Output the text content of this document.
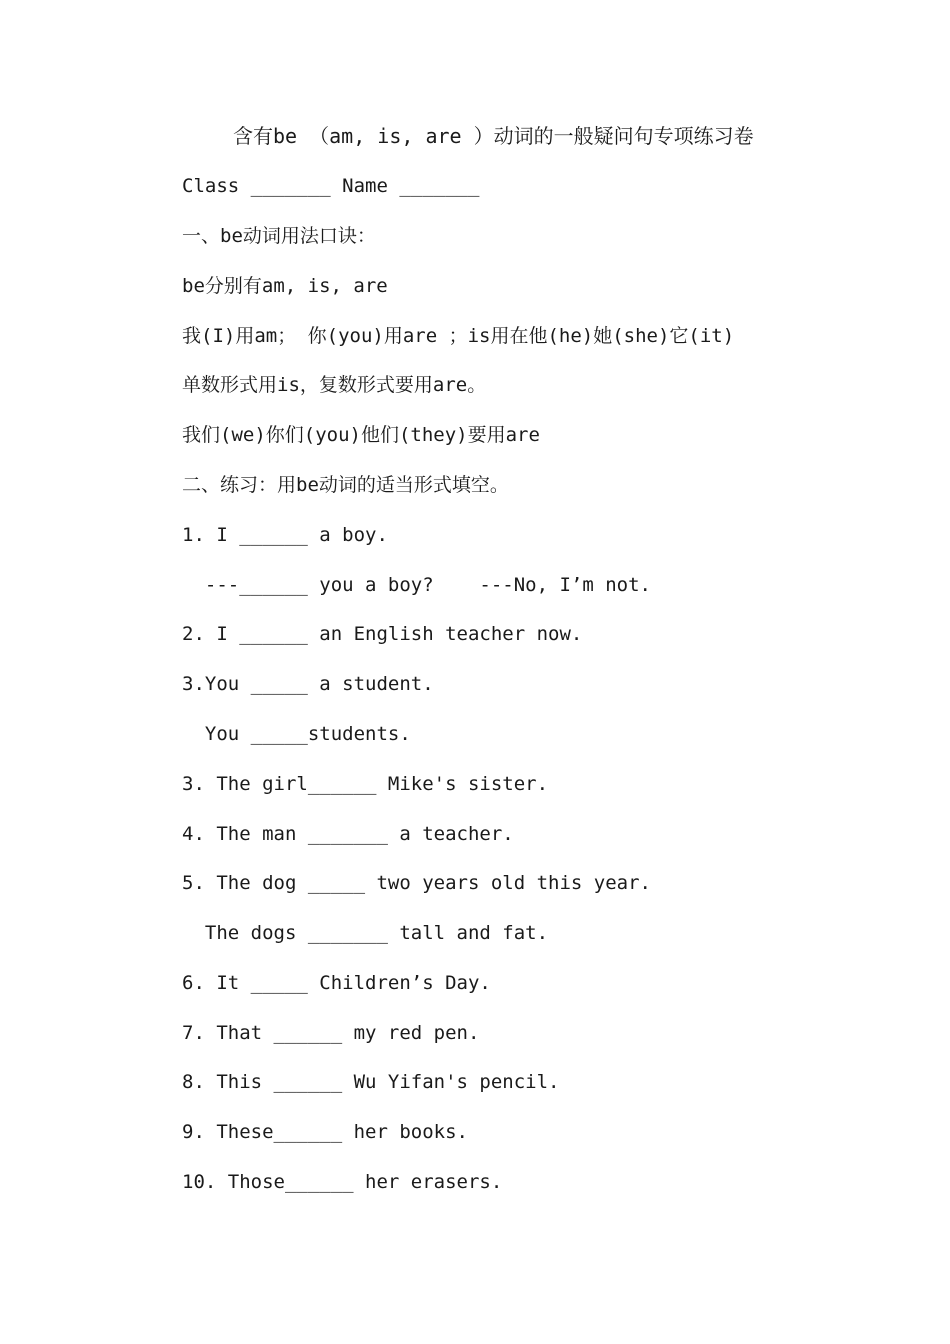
含有be （am, is, are ）动词的一般疑问句专项练习卷
Class _______ Name _______
一、be动词用法口诀：
be分别有am, is, are
我(I)用am； 你(you)用are ；is用在他(he)她(she)它(it)
单数形式用is，复数形式要用are。
我们(we)你们(you)他们(they)要用are
二、练习：用be动词的适当形式填空。
1. I ______ a boy.
---______ you a boy?    ---No, I’m not.
2. I ______ an English teacher now.
3.You _____ a student.
You _____students.
3. The girl______ Mike's sister.
4. The man _______ a teacher.
5. The dog _____ two years old this year.
The dogs _______ tall and fat.
6. It _____ Children’s Day.
7. That ______ my red pen.
8. This ______ Wu Yifan's pencil.
9. These______ her books.
10. Those______ her erasers.
